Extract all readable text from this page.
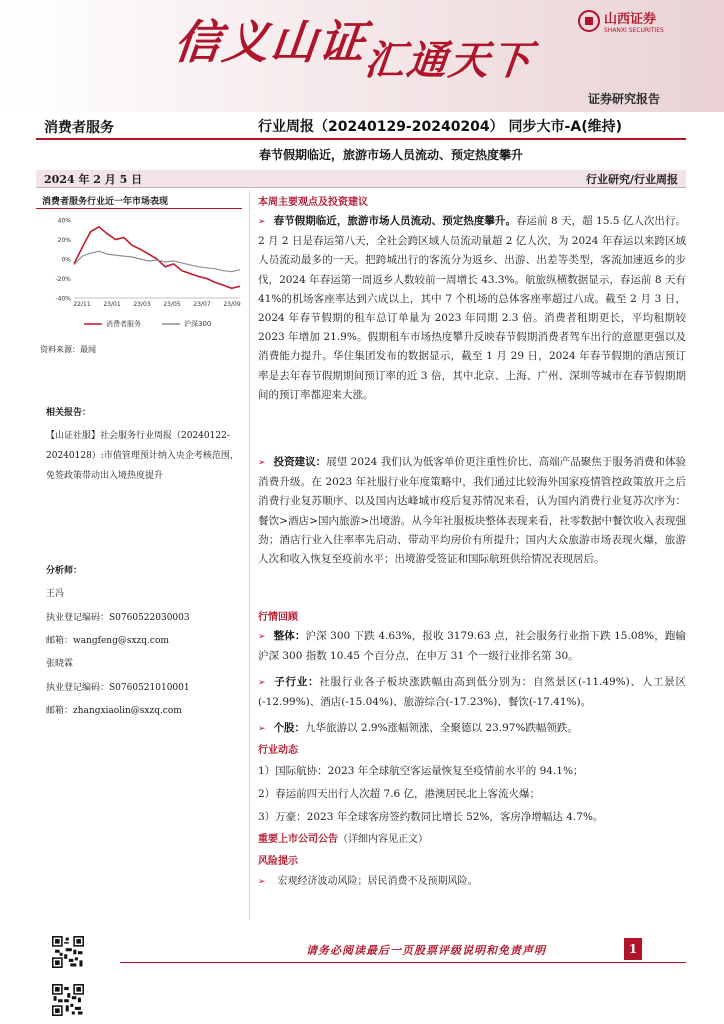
信义山证汇通天下
山西证券
SHANXI SECURITIES
证券研究报告
消费者服务	行业周报（20240129-20240204） 同步大市-A(维持)
春节假期临近，旅游市场人员流动、预定热度攀升
2024 年 2 月 5 日	行业研究/行业周报
消费者服务行业近一年市场表现
40%
20%
0%
-20%
-40%
22/11 23/01 23/03 23/05 23/07 23/09
消费者服务	沪深300
资料来源：最闻
相关报告：
【山证社服】社会服务行业周报（20240122-20240128）:市值管理预计纳入央企考核范围，免签政策带动出入境热度提升
分析师：
王冯
执业登记编码：S0760522030003
邮箱：wangfeng@sxzq.com
张晓霖
执业登记编码：S0760521010001
邮箱：zhangxiaolin@sxzq.com
本周主要观点及投资建议
➢ 春节假期临近，旅游市场人员流动、预定热度攀升。春运前 8 天，超 15.5 亿人次出行。2 月 2 日是春运第八天，全社会跨区域人员流动量超 2 亿人次，为 2024 年春运以来跨区域人员流动最多的一天。把跨城出行的客流分为返乡、出游、出差等类型，客流加速返乡的步伐，2024 年春运第一周返乡人数较前一周增长 43.3%。航旅纵横数据显示，春运前 8 天有 41%的机场客座率达到六成以上，其中 7 个机场的总体客座率超过八成。截至 2 月 3 日，2024 年春节假期的租车总订单量为 2023 年同期 2.3 倍。消费者租期更长，平均租期较 2023 年增加 21.9%。假期租车市场热度攀升反映春节假期消费者驾车出行的意愿更强以及消费能力提升。华住集团发布的数据显示，截至 1 月 29 日，2024 年春节假期的酒店预订率是去年春节假期期间预订率的近 3 倍，其中北京、上海、广州、深圳等城市在春节假期期间的预订率都迎来大涨。
➢ 投资建议：展望 2024 我们认为低客单价更注重性价比、高端产品聚焦于服务消费和体验消费升级。在 2023 年社服行业年度策略中，我们通过比较海外国家疫情管控政策放开之后消费行业复苏顺序、以及国内达峰城市疫后复苏情况来看，认为国内消费行业复苏次序为：餐饮>酒店>国内旅游>出境游。从今年社服板块整体表现来看，社零数据中餐饮收入表现强劲；酒店行业入住率率先启动、带动平均房价有所提升；国内大众旅游市场表现火爆，旅游人次和收入恢复至疫前水平；出境游受签证和国际航班供给情况表现居后。
行情回顾
➢ 整体：沪深 300 下跌 4.63%，报收 3179.63 点，社会服务行业指下跌 15.08%，跑输沪深 300 指数 10.45 个百分点，在申万 31 个一级行业排名第 30。
➢ 子行业：社服行业各子板块涨跌幅由高到低分别为：自然景区(-11.49%)、人工景区(-12.99%)、酒店(-15.04%)、旅游综合(-17.23%)、餐饮(-17.41%)。
➢ 个股：九华旅游以 2.9%涨幅领涨，全聚德以 23.97%跌幅领跌。
行业动态
1）国际航协：2023 年全球航空客运量恢复至疫情前水平的 94.1%；
2）春运前四天出行人次超 7.6 亿，港澳居民北上客流火爆；
3）万豪：2023 年全球客房签约数同比增长 52%，客房净增幅达 4.7%。
重要上市公司公告（详细内容见正文）
风险提示
➢ 宏观经济波动风险；居民消费不及预期风险。
请务必阅读最后一页股票评级说明和免责声明	1
